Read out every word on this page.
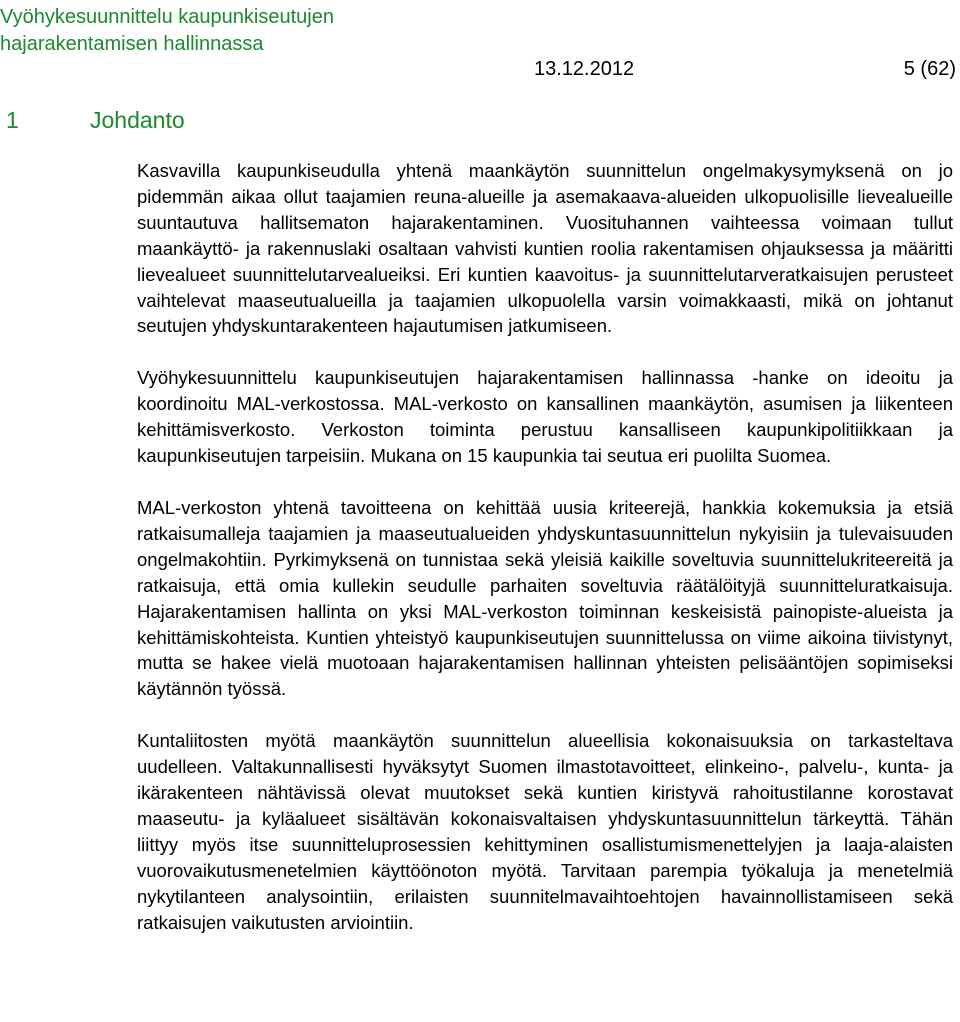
Vyöhykesuunnittelu kaupunkiseutujen
hajarakentamisen hallinnassa
13.12.2012	5 (62)
1	Johdanto

Kasvavilla kaupunkiseudulla yhtenä maankäytön suunnittelun ongelmakysymyksenä on jo pidemmän aikaa ollut taajamien reuna-alueille ja asemakaava-alueiden ulkopuolisille lievealueille suuntautuva hallitsematon hajarakentaminen. Vuosituhannen vaihteessa voimaan tullut maankäyttö- ja rakennuslaki osaltaan vahvisti kuntien roolia rakentamisen ohjauksessa ja määritti lievealueet suunnittelutarvealueiksi. Eri kuntien kaavoitus- ja suunnittelutarveratkaisujen perusteet vaihtelevat maaseutualueilla ja taajamien ulkopuolella varsin voimakkaasti, mikä on johtanut seutujen yhdyskuntarakenteen hajautumisen jatkumiseen.

Vyöhykesuunnittelu kaupunkiseutujen hajarakentamisen hallinnassa -hanke on ideoitu ja koordinoitu MAL-verkostossa. MAL-verkosto on kansallinen maankäytön, asumisen ja liikenteen kehittämisverkosto. Verkoston toiminta perustuu kansalliseen kaupunkipolitiikkaan ja kaupunkiseutujen tarpeisiin. Mukana on 15 kaupunkia tai seutua eri puolilta Suomea.

MAL-verkoston yhtenä tavoitteena on kehittää uusia kriteerejä, hankkia kokemuksia ja etsiä ratkaisumalleja taajamien ja maaseutualueiden yhdyskuntasuunnittelun nykyisiin ja tulevaisuuden ongelmakohtiin. Pyrkimyksenä on tunnistaa sekä yleisiä kaikille soveltuvia suunnittelukriteereitä ja ratkaisuja, että omia kullekin seudulle parhaiten soveltuvia räätälöityjä suunnitteluratkaisuja. Hajarakentamisen hallinta on yksi MAL-verkoston toiminnan keskeisistä painopiste-alueista ja kehittämiskohteista. Kuntien yhteistyö kaupunkiseutujen suunnittelussa on viime aikoina tiivistynyt, mutta se hakee vielä muotoaan hajarakentamisen hallinnan yhteisten pelisääntöjen sopimiseksi käytännön työssä.

Kuntaliitosten myötä maankäytön suunnittelun alueellisia kokonaisuuksia on tarkasteltava uudelleen. Valtakunnallisesti hyväksytyt Suomen ilmastotavoitteet, elinkeino-, palvelu-, kunta- ja ikärakenteen nähtävissä olevat muutokset sekä kuntien kiristyvä rahoitustilanne korostavat maaseutu- ja kyläalueet sisältävän kokonaisvaltaisen yhdyskuntasuunnittelun tärkeyttä. Tähän liittyy myös itse suunnitteluprosessien kehittyminen osallistumismenettelyjen ja laaja-alaisten vuorovaikutusmenetelmien käyttöönoton myötä. Tarvitaan parempia työkaluja ja menetelmiä nykytilanteen analysointiin, erilaisten suunnitelmavaihtoehtojen havainnollistamiseen sekä ratkaisujen vaikutusten arviointiin.
